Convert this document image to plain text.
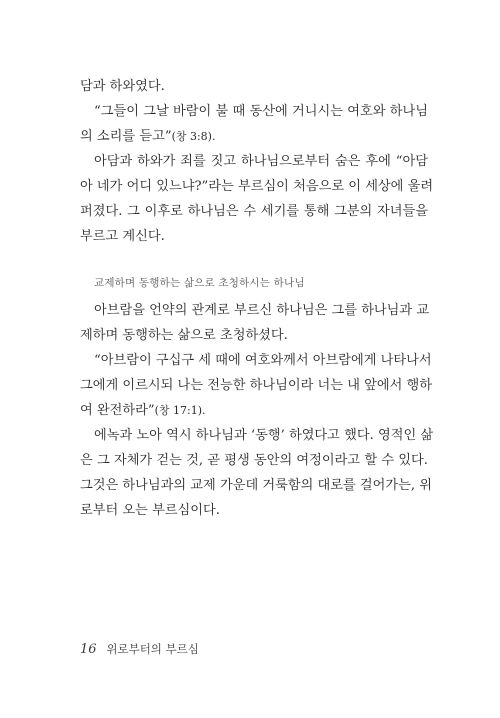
담과 하와였다.
“그들이 그날 바람이 불 때 동산에 거니시는 여호와 하나님
의 소리를 듣고”(창 3:8).
아담과 하와가 죄를 짓고 하나님으로부터 숨은 후에 “아담
아 네가 어디 있느냐?”라는 부르심이 처음으로 이 세상에 울려
퍼졌다. 그 이후로 하나님은 수 세기를 통해 그분의 자녀들을
부르고 계신다.
교제하며 동행하는 삶으로 초청하시는 하나님
아브람을 언약의 관계로 부르신 하나님은 그를 하나님과 교
제하며 동행하는 삶으로 초청하셨다.
“아브람이 구십구 세 때에 여호와께서 아브람에게 나타나서
그에게 이르시되 나는 전능한 하나님이라 너는 내 앞에서 행하
여 완전하라”(창 17:1).
에녹과 노아 역시 하나님과 ‘동행’ 하였다고 했다. 영적인 삶
은 그 자체가 걷는 것, 곧 평생 동안의 여정이라고 할 수 있다.
그것은 하나님과의 교제 가운데 거룩함의 대로를 걸어가는, 위
로부터 오는 부르심이다.
16 위로부터의 부르심
